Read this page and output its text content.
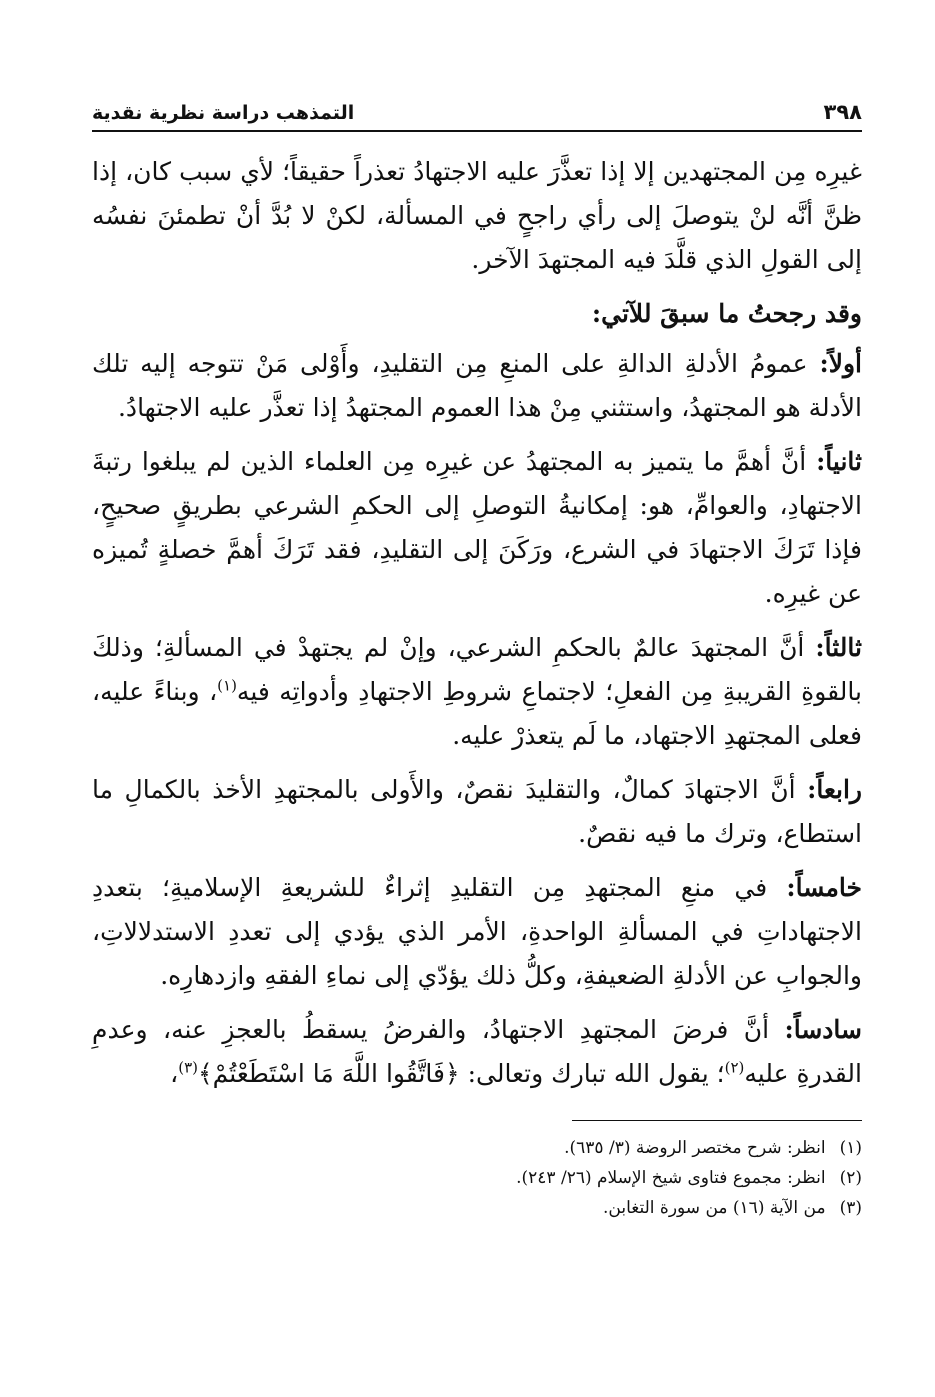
٣٩٨
التمذهب دراسة نظرية نقدية

غيرِه مِن المجتهدين إلا إذا تعذَّرَ عليه الاجتهادُ تعذراً حقيقاً؛ لأي سبب كان، إذا ظنَّ أنَّه لنْ يتوصلَ إلى رأي راجحٍ في المسألة، لكنْ لا بُدَّ أنْ تطمئنَ نفسُه إلى القولِ الذي قلَّدَ فيه المجتهدَ الآخر.

وقد رجحتُ ما سبقَ للآتي:

أولاً: عمومُ الأدلةِ الدالةِ على المنعِ مِن التقليدِ، وأَوْلى مَنْ تتوجه إليه تلك الأدلة هو المجتهدُ، واستثني مِنْ هذا العموم المجتهدُ إذا تعذَّر عليه الاجتهادُ.

ثانياً: أنَّ أهمَّ ما يتميز به المجتهدُ عن غيرِه مِن العلماء الذين لم يبلغوا رتبةَ الاجتهادِ، والعوامِّ، هو: إمكانيةُ التوصلِ إلى الحكمِ الشرعي بطريقٍ صحيحٍ، فإذا تَرَكَ الاجتهادَ في الشرع، ورَكَنَ إلى التقليدِ، فقد تَرَكَ أهمَّ خصلةٍ تُميزه عن غيرِه.

ثالثاً: أنَّ المجتهدَ عالمٌ بالحكمِ الشرعي، وإنْ لم يجتهدْ في المسألةِ؛ وذلكَ بالقوةِ القريبةِ مِن الفعلِ؛ لاجتماعِ شروطِ الاجتهادِ وأدواتِه فيه$^{(١)}$، وبناءً عليه، فعلى المجتهدِ الاجتهاد، ما لَم يتعذرْ عليه.

رابعاً: أنَّ الاجتهادَ كمالٌ، والتقليدَ نقصٌ، والأَولى بالمجتهدِ الأخذ بالكمالِ ما استطاع، وترك ما فيه نقصٌ.

خامساً: في منعِ المجتهدِ مِن التقليدِ إثراءٌ للشريعةِ الإسلاميةِ؛ بتعددِ الاجتهاداتِ في المسألةِ الواحدةِ، الأمر الذي يؤدي إلى تعددِ الاستدلالاتِ، والجوابِ عن الأدلةِ الضعيفةِ، وكلُّ ذلك يؤدّي إلى نماءِ الفقهِ وازدهارِه.

سادساً: أنَّ فرضَ المجتهدِ الاجتهادُ، والفرضُ يسقطُ بالعجزِ عنه، وعدمِ القدرةِ عليه$^{(٢)}$؛ يقول الله تبارك وتعالى: ﴿فَاتَّقُوا اللَّهَ مَا اسْتَطَعْتُمْ﴾$^{(٣)}$،

(١)
انظر: شرح مختصر الروضة (٣/ ٦٣٥).
(٢)
انظر: مجموع فتاوى شيخ الإسلام (٢٦/ ٢٤٣).
(٣)
من الآية (١٦) من سورة التغابن.
